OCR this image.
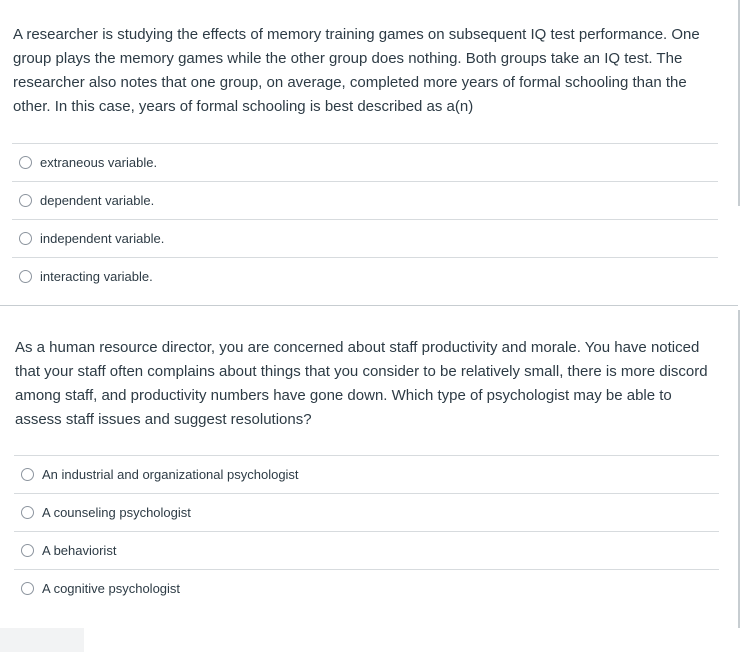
A researcher is studying the effects of memory training games on subsequent IQ test performance. One group plays the memory games while the other group does nothing. Both groups take an IQ test. The researcher also notes that one group, on average, completed more years of formal schooling than the other. In this case, years of formal schooling is best described as a(n)

extraneous variable.
dependent variable.
independent variable.
interacting variable.

As a human resource director, you are concerned about staff productivity and morale. You have noticed that your staff often complains about things that you consider to be relatively small, there is more discord among staff, and productivity numbers have gone down. Which type of psychologist may be able to assess staff issues and suggest resolutions?

An industrial and organizational psychologist
A counseling psychologist
A behaviorist
A cognitive psychologist
